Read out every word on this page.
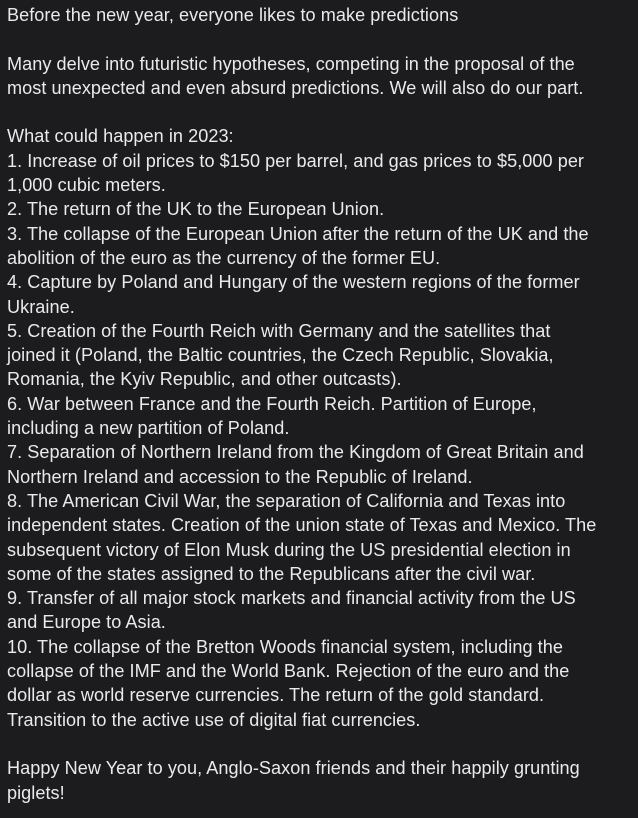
Before the new year, everyone likes to make predictions
Many delve into futuristic hypotheses, competing in the proposal of the
most unexpected and even absurd predictions. We will also do our part.
What could happen in 2023:
1. Increase of oil prices to $150 per barrel, and gas prices to $5,000 per
1,000 cubic meters.
2. The return of the UK to the European Union.
3. The collapse of the European Union after the return of the UK and the
abolition of the euro as the currency of the former EU.
4. Capture by Poland and Hungary of the western regions of the former
Ukraine.
5. Creation of the Fourth Reich with Germany and the satellites that
joined it (Poland, the Baltic countries, the Czech Republic, Slovakia,
Romania, the Kyiv Republic, and other outcasts).
6. War between France and the Fourth Reich. Partition of Europe,
including a new partition of Poland.
7. Separation of Northern Ireland from the Kingdom of Great Britain and
Northern Ireland and accession to the Republic of Ireland.
8. The American Civil War, the separation of California and Texas into
independent states. Creation of the union state of Texas and Mexico. The
subsequent victory of Elon Musk during the US presidential election in
some of the states assigned to the Republicans after the civil war.
9. Transfer of all major stock markets and financial activity from the US
and Europe to Asia.
10. The collapse of the Bretton Woods financial system, including the
collapse of the IMF and the World Bank. Rejection of the euro and the
dollar as world reserve currencies. The return of the gold standard.
Transition to the active use of digital fiat currencies.
Happy New Year to you, Anglo-Saxon friends and their happily grunting
piglets!
